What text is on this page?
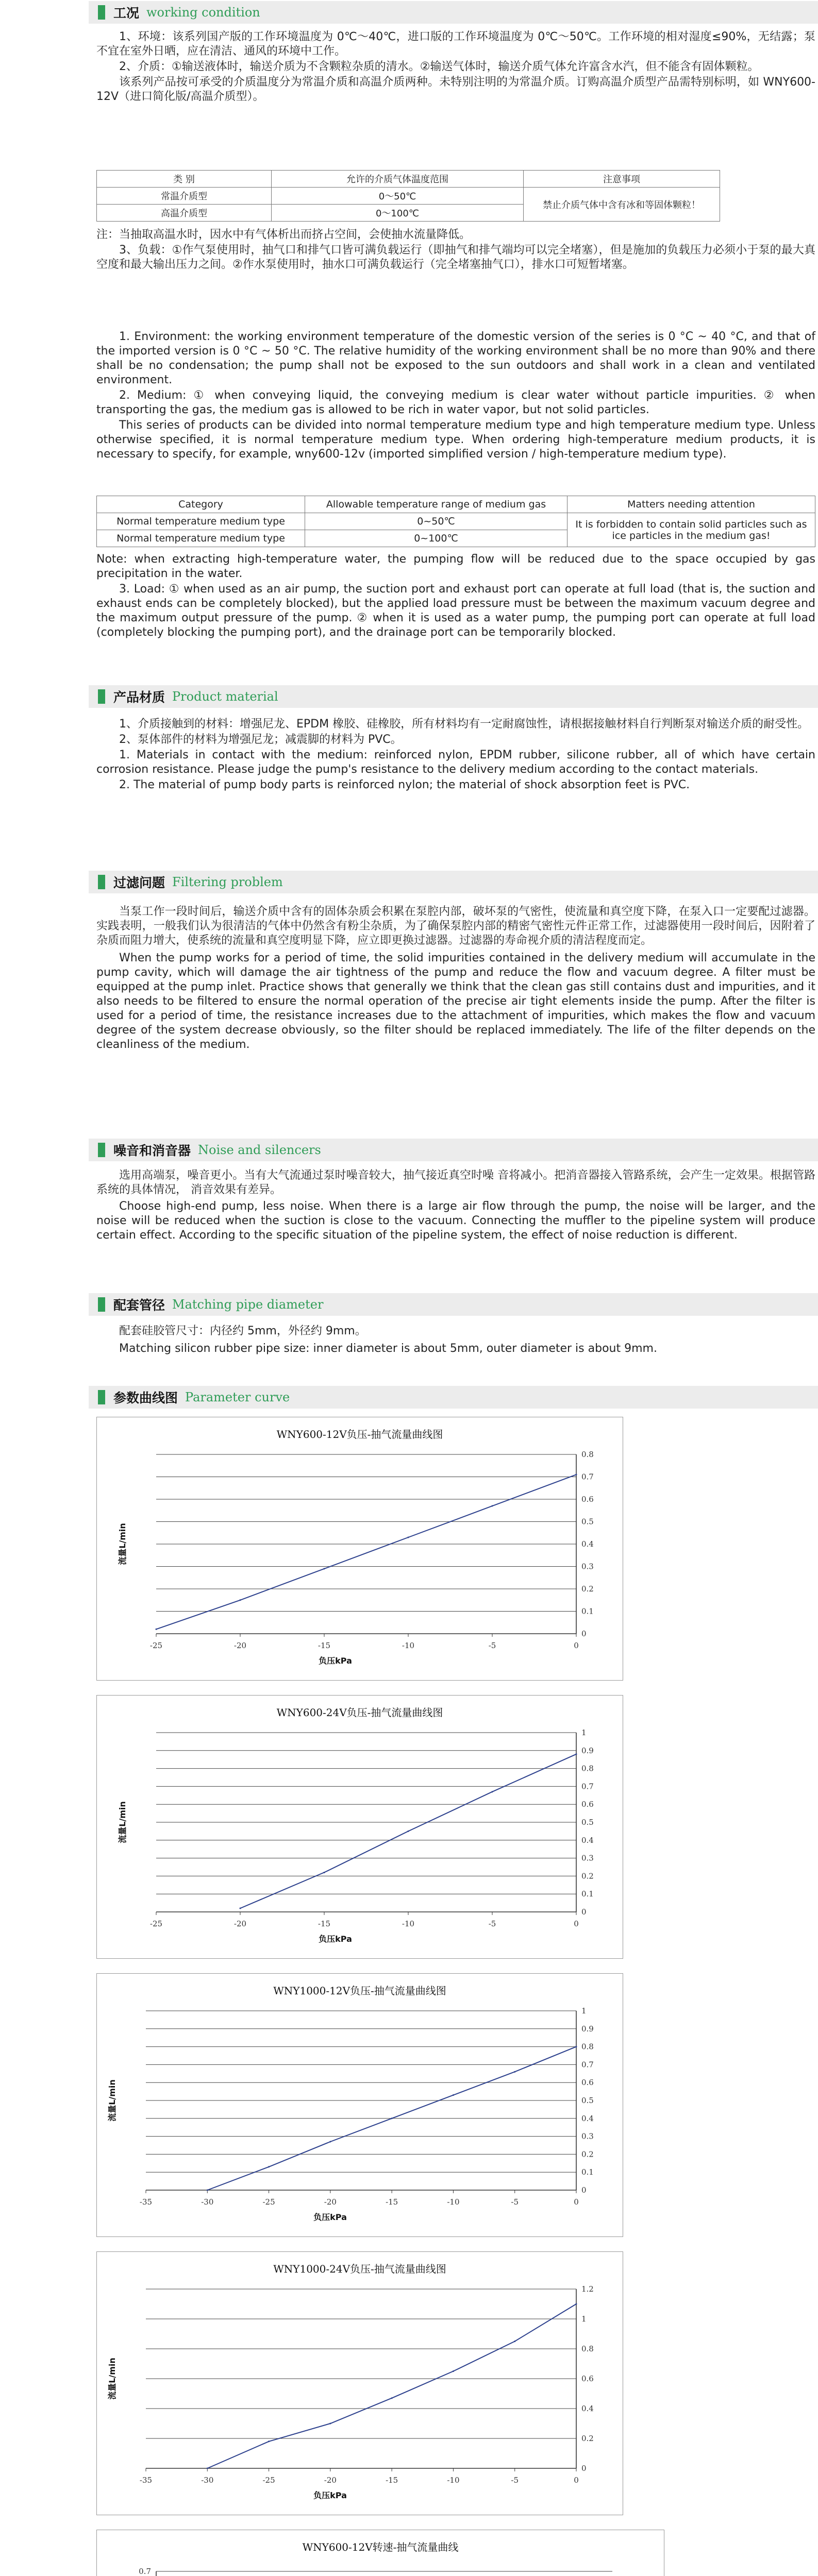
工况 working condition

1、环境：该系列国产版的工作环境温度为 0℃～40℃，进口版的工作环境温度为 0℃～50℃。工作环境的相对湿度≤90%，无结露；泵不宜在室外日晒，应在清洁、通风的环境中工作。

2、介质：①输送液体时，输送介质为不含颗粒杂质的清水。②输送气体时，输送介质气体允许富含水汽，但不能含有固体颗粒。

该系列产品按可承受的介质温度分为常温介质和高温介质两种。未特别注明的为常温介质。订购高温介质型产品需特别标明，如 WNY600-12V（进口简化版/高温介质型）。

类 别	允许的介质气体温度范围	注意事项
常温介质型	0～50℃	禁止介质气体中含有冰和等固体颗粒！
高温介质型	0～100℃	

注：当抽取高温水时，因水中有气体析出而挤占空间，会使抽水流量降低。

3、负载：①作气泵使用时，抽气口和排气口皆可满负载运行（即抽气和排气端均可以完全堵塞），但是施加的负载压力必须小于泵的最大真空度和最大输出压力之间。②作水泵使用时，抽水口可满负载运行（完全堵塞抽气口），排水口可短暂堵塞。

1. Environment: the working environment temperature of the domestic version of the series is 0 °C ~ 40 °C, and that of the imported version is 0 °C ~ 50 °C. The relative humidity of the working environment shall be no more than 90% and there shall be no condensation; the pump shall not be exposed to the sun outdoors and shall work in a clean and ventilated environment.

2. Medium: ① when conveying liquid, the conveying medium is clear water without particle impurities. ② when transporting the gas, the medium gas is allowed to be rich in water vapor, but not solid particles.

This series of products can be divided into normal temperature medium type and high temperature medium type. Unless otherwise specified, it is normal temperature medium type. When ordering high-temperature medium products, it is necessary to specify, for example, wny600-12v (imported simplified version / high-temperature medium type).

Category	Allowable temperature range of medium gas	Matters needing attention
Normal temperature medium type	0~50℃	It is forbidden to contain solid particles such as ice particles in the medium gas!
Normal temperature medium type	0~100℃	

Note: when extracting high-temperature water, the pumping flow will be reduced due to the space occupied by gas precipitation in the water.

3. Load: ① when used as an air pump, the suction port and exhaust port can operate at full load (that is, the suction and exhaust ends can be completely blocked), but the applied load pressure must be between the maximum vacuum degree and the maximum output pressure of the pump. ② when it is used as a water pump, the pumping port can operate at full load (completely blocking the pumping port), and the drainage port can be temporarily blocked.

产品材质 Product material

1、介质接触到的材料：增强尼龙、EPDM 橡胶、硅橡胶，所有材料均有一定耐腐蚀性，请根据接触材料自行判断泵对输送介质的耐受性。

2、泵体部件的材料为增强尼龙；减震脚的材料为 PVC。

1. Materials in contact with the medium: reinforced nylon, EPDM rubber, silicone rubber, all of which have certain corrosion resistance. Please judge the pump's resistance to the delivery medium according to the contact materials.

2. The material of pump body parts is reinforced nylon; the material of shock absorption feet is PVC.

过滤问题 Filtering problem

当泵工作一段时间后，输送介质中含有的固体杂质会积累在泵腔内部，破坏泵的气密性，使流量和真空度下降，在泵入口一定要配过滤器。实践表明，一般我们认为很清洁的气体中仍然含有粉尘杂质，为了确保泵腔内部的精密气密性元件正常工作，过滤器使用一段时间后，因附着了杂质而阻力增大，使系统的流量和真空度明显下降，应立即更换过滤器。过滤器的寿命视介质的清洁程度而定。

When the pump works for a period of time, the solid impurities contained in the delivery medium will accumulate in the pump cavity, which will damage the air tightness of the pump and reduce the flow and vacuum degree. A filter must be equipped at the pump inlet. Practice shows that generally we think that the clean gas still contains dust and impurities, and it also needs to be filtered to ensure the normal operation of the precise air tight elements inside the pump. After the filter is used for a period of time, the resistance increases due to the attachment of impurities, which makes the flow and vacuum degree of the system decrease obviously, so the filter should be replaced immediately. The life of the filter depends on the cleanliness of the medium.

噪音和消音器 Noise and silencers

选用高端泵，噪音更小。当有大气流通过泵时噪音较大，抽气接近真空时噪 音将减小。把消音器接入管路系统，会产生一定效果。根据管路系统的具体情况， 消音效果有差异。

Choose high-end pump, less noise. When there is a large air flow through the pump, the noise will be larger, and the noise will be reduced when the suction is close to the vacuum. Connecting the muffler to the pipeline system will produce certain effect. According to the specific situation of the pipeline system, the effect of noise reduction is different.

配套管径 Matching pipe diameter

配套硅胶管尺寸：内径约 5mm，外径约 9mm。

Matching silicon rubber pipe size: inner diameter is about 5mm, outer diameter is about 9mm.

参数曲线图 Parameter curve
WNY600-12V负压-抽气流量曲线图
0
0.1
0.2
0.3
0.4
0.5
0.6
0.7
0.8
-25	-20	-15	-10	-5	0
负压kPa
流量L/min
WNY600-24V负压-抽气流量曲线图
0
0.1
0.2
0.3
0.4
0.5
0.6
0.7
0.8
0.9
1
-25	-20	-15	-10	-5	0
负压kPa
流量L/min
WNY1000-12V负压-抽气流量曲线图
0
0.1
0.2
0.3
0.4
0.5
0.6
0.7
0.8
0.9
1
-35	-30	-25	-20	-15	-10	-5	0
负压kPa
流量L/min
WNY1000-24V负压-抽气流量曲线图
0
0.2
0.4
0.6
0.8
1
1.2
-35	-30	-25	-20	-15	-10	-5	0
负压kPa
流量L/min
WNY600-12V转速-抽气流量曲线
0.7
